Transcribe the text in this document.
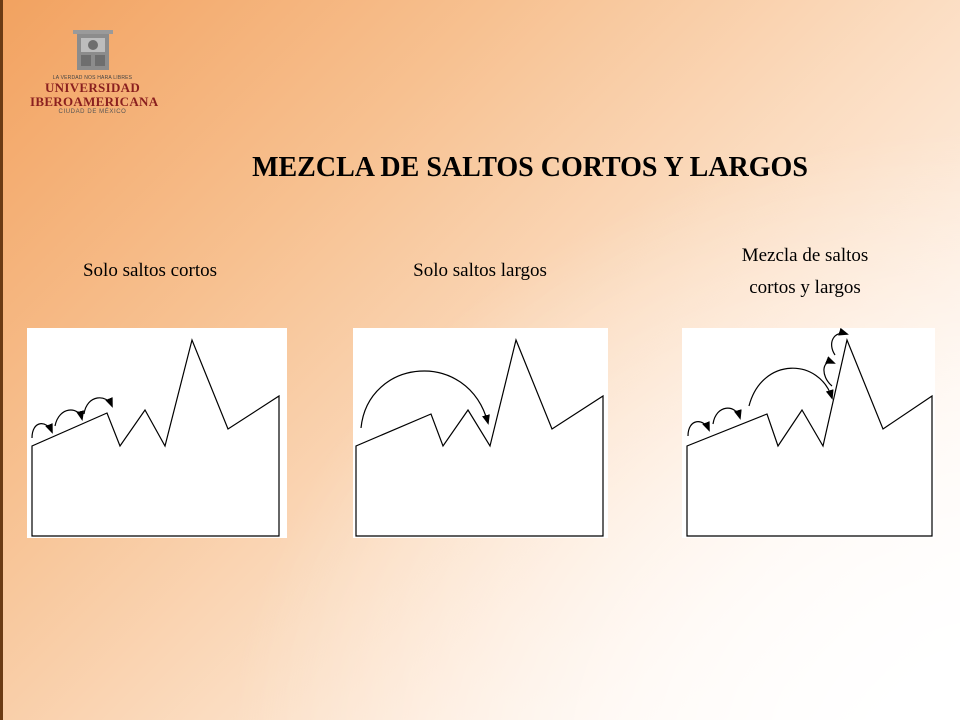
LA VERDAD NOS HARA LIBRES
UNIVERSIDAD
IBEROAMERICANA
CIUDAD DE MÉXICO
MEZCLA DE SALTOS CORTOS Y LARGOS
Solo saltos cortos	Solo saltos largos
Mezcla de saltos
cortos y largos
